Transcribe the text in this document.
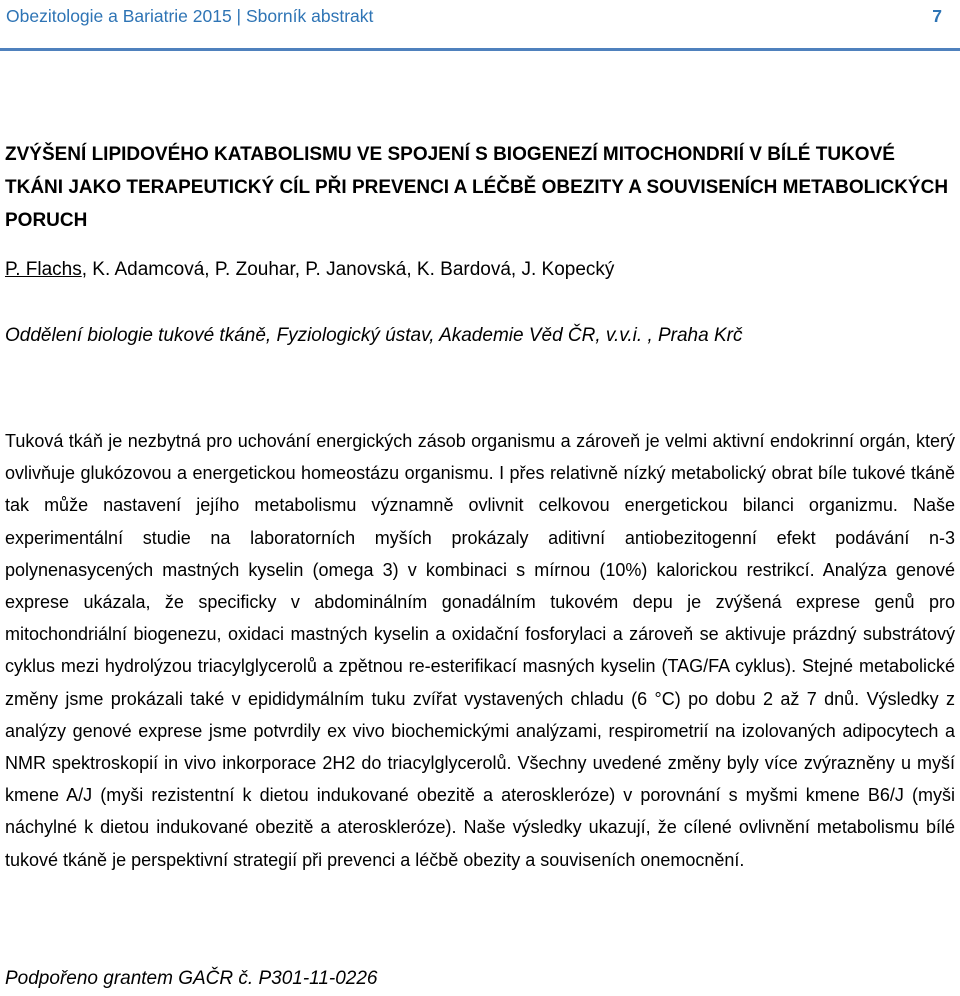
Obezitologie a Bariatrie 2015 | Sborník abstrakt	7
ZVÝŠENÍ LIPIDOVÉHO KATABOLISMU VE SPOJENÍ S BIOGENEZÍ MITOCHONDRIÍ V BÍLÉ TUKOVÉ TKÁNI JAKO TERAPEUTICKÝ CÍL PŘI PREVENCI A LÉČBĚ OBEZITY A SOUVISENÍCH METABOLICKÝCH PORUCH

P. Flachs, K. Adamcová, P. Zouhar, P. Janovská, K. Bardová, J. Kopecký

Oddělení biologie tukové tkáně, Fyziologický ústav, Akademie Věd ČR, v.v.i. , Praha Krč

Tuková tkáň je nezbytná pro uchování energických zásob organismu a zároveň je velmi aktivní endokrinní orgán, který ovlivňuje glukózovou a energetickou homeostázu organismu. I přes relativně nízký metabolický obrat bíle tukové tkáně tak může nastavení jejího metabolismu významně ovlivnit celkovou energetickou bilanci organizmu. Naše experimentální studie na laboratorních myších prokázaly aditivní antiobezitogenní efekt podávání n-3 polynenasycených mastných kyselin (omega 3) v kombinaci s mírnou (10%) kalorickou restrikcí. Analýza genové exprese ukázala, že specificky v abdominálním gonadálním tukovém depu je zvýšená exprese genů pro mitochondriální biogenezu, oxidaci mastných kyselin a oxidační fosforylaci a zároveň se aktivuje prázdný substrátový cyklus mezi hydrolýzou triacylglycerolů a zpětnou re-esterifikací masných kyselin (TAG/FA cyklus). Stejné metabolické změny jsme prokázali také v epididymálním tuku zvířat vystavených chladu (6 °C) po dobu 2 až 7 dnů. Výsledky z analýzy genové exprese jsme potvrdily ex vivo biochemickými analýzami, respirometrií na izolovaných adipocytech a NMR spektroskopií in vivo inkorporace 2H2 do triacylglycerolů. Všechny uvedené změny byly více zvýrazněny u myší kmene A/J (myši rezistentní k dietou indukované obezitě a ateroskleróze) v porovnání s myšmi kmene B6/J (myši náchylné k dietou indukované obezitě a ateroskleróze). Naše výsledky ukazují, že cílené ovlivnění metabolismu bílé tukové tkáně je perspektivní strategií při prevenci a léčbě obezity a souviseních onemocnění.

Podpořeno grantem GAČR č. P301-11-0226
